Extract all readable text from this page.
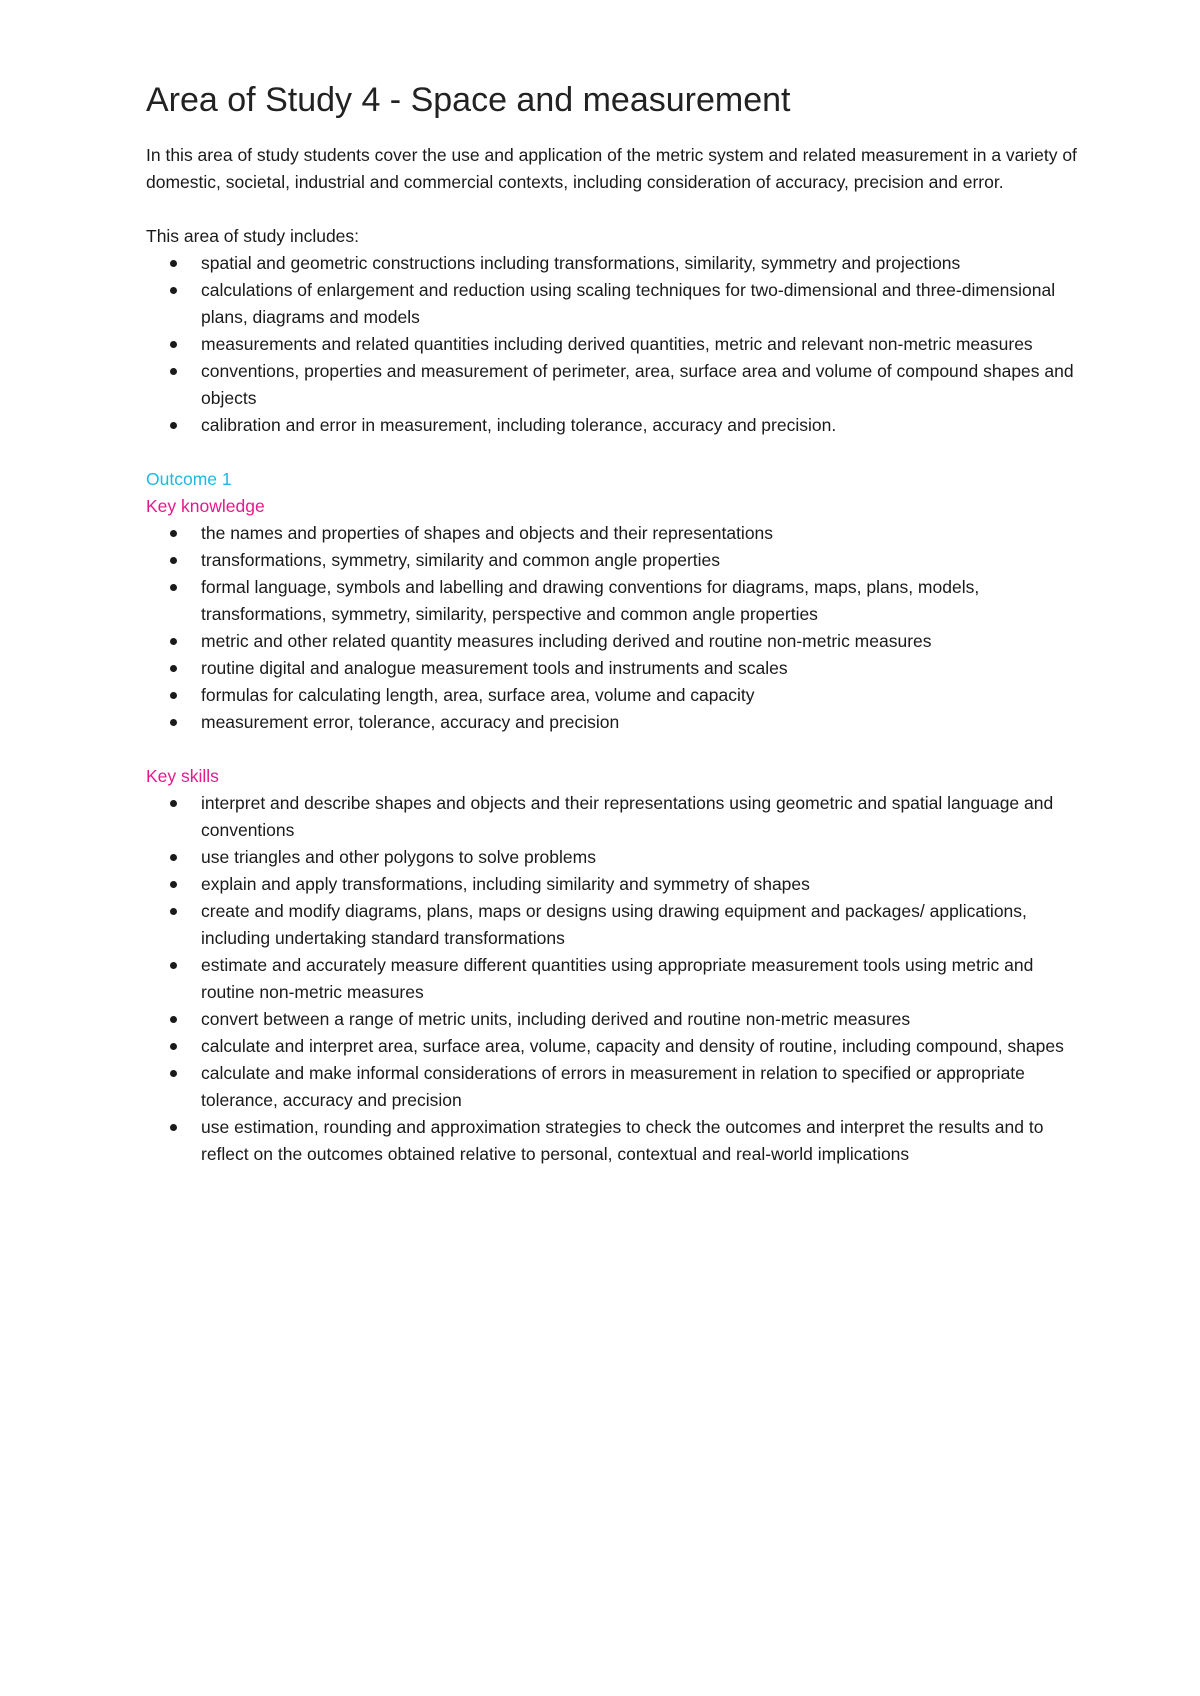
Area of Study 4 - Space and measurement

In this area of study students cover the use and application of the metric system and related measurement in a variety of domestic, societal, industrial and commercial contexts, including consideration of accuracy, precision and error.

This area of study includes:

spatial and geometric constructions including transformations, similarity, symmetry and projections
calculations of enlargement and reduction using scaling techniques for two-dimensional and three-dimensional plans, diagrams and models
measurements and related quantities including derived quantities, metric and relevant non-metric measures
conventions, properties and measurement of perimeter, area, surface area and volume of compound shapes and objects
calibration and error in measurement, including tolerance, accuracy and precision.

Outcome 1

Key knowledge

the names and properties of shapes and objects and their representations
transformations, symmetry, similarity and common angle properties
formal language, symbols and labelling and drawing conventions for diagrams, maps, plans, models, transformations, symmetry, similarity, perspective and common angle properties
metric and other related quantity measures including derived and routine non-metric measures
routine digital and analogue measurement tools and instruments and scales
formulas for calculating length, area, surface area, volume and capacity
measurement error, tolerance, accuracy and precision

Key skills

interpret and describe shapes and objects and their representations using geometric and spatial language and conventions
use triangles and other polygons to solve problems
explain and apply transformations, including similarity and symmetry of shapes
create and modify diagrams, plans, maps or designs using drawing equipment and packages/ applications, including undertaking standard transformations
estimate and accurately measure different quantities using appropriate measurement tools using metric and routine non-metric measures
convert between a range of metric units, including derived and routine non-metric measures
calculate and interpret area, surface area, volume, capacity and density of routine, including compound, shapes
calculate and make informal considerations of errors in measurement in relation to specified or appropriate tolerance, accuracy and precision
use estimation, rounding and approximation strategies to check the outcomes and interpret the results and to reflect on the outcomes obtained relative to personal, contextual and real-world implications
